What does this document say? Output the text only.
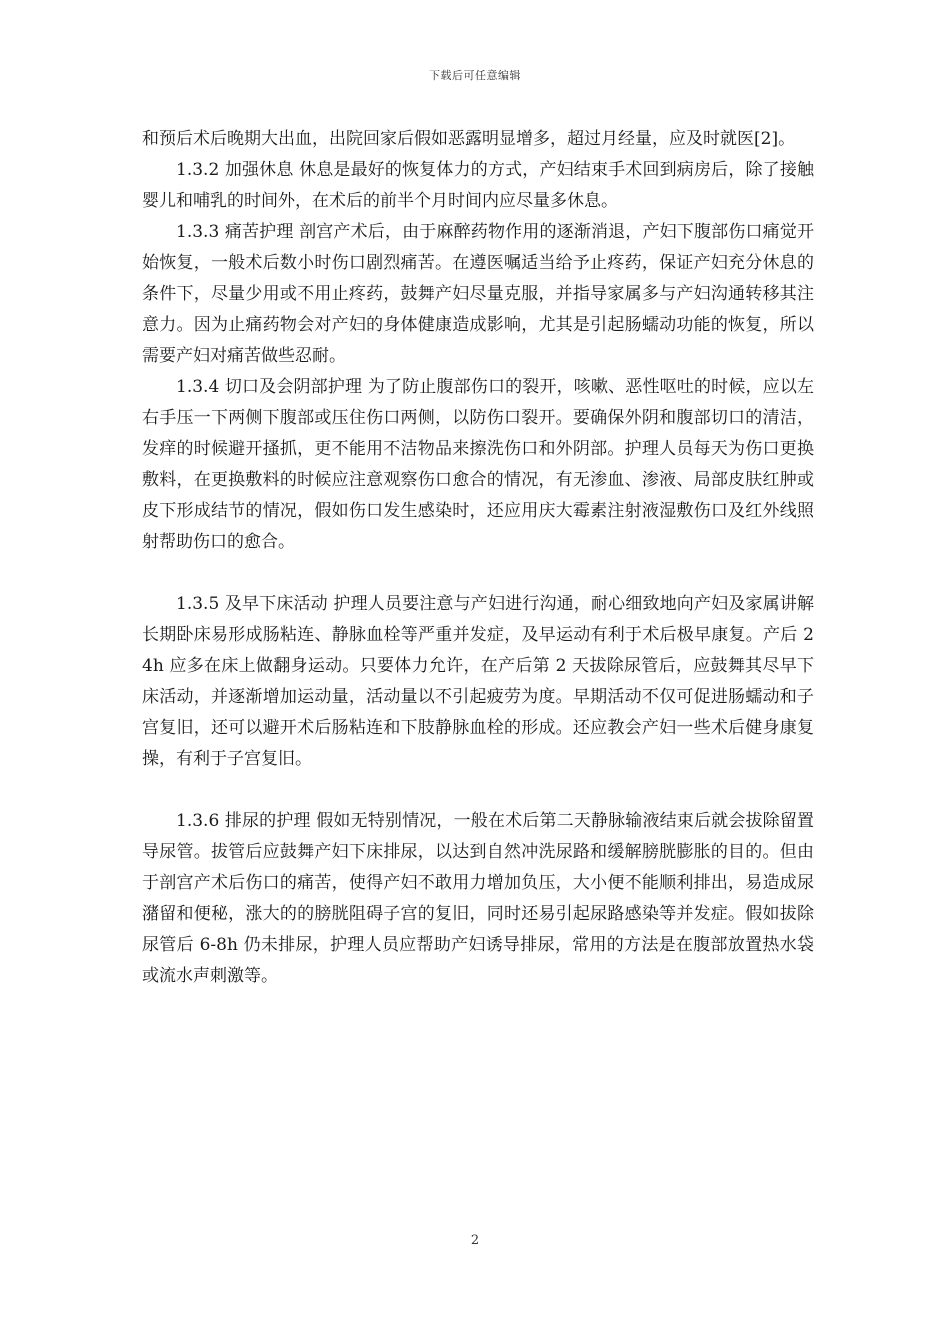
下载后可任意编辑

和预后术后晚期大出血，出院回家后假如恶露明显增多，超过月经量，应及时就医[2]。

1.3.2 加强休息 休息是最好的恢复体力的方式，产妇结束手术回到病房后，除了接触婴儿和哺乳的时间外，在术后的前半个月时间内应尽量多休息。

1.3.3 痛苦护理 剖宫产术后，由于麻醉药物作用的逐渐消退，产妇下腹部伤口痛觉开始恢复，一般术后数小时伤口剧烈痛苦。在遵医嘱适当给予止疼药，保证产妇充分休息的条件下，尽量少用或不用止疼药，鼓舞产妇尽量克服，并指导家属多与产妇沟通转移其注意力。因为止痛药物会对产妇的身体健康造成影响，尤其是引起肠蠕动功能的恢复，所以需要产妇对痛苦做些忍耐。

1.3.4 切口及会阴部护理 为了防止腹部伤口的裂开，咳嗽、恶性呕吐的时候，应以左右手压一下两侧下腹部或压住伤口两侧，以防伤口裂开。要确保外阴和腹部切口的清洁，发痒的时候避开搔抓，更不能用不洁物品来擦洗伤口和外阴部。护理人员每天为伤口更换敷料，在更换敷料的时候应注意观察伤口愈合的情况，有无渗血、渗液、局部皮肤红肿或皮下形成结节的情况，假如伤口发生感染时，还应用庆大霉素注射液湿敷伤口及红外线照射帮助伤口的愈合。

1.3.5 及早下床活动 护理人员要注意与产妇进行沟通，耐心细致地向产妇及家属讲解长期卧床易形成肠粘连、静脉血栓等严重并发症，及早运动有利于术后极早康复。产后 24h 应多在床上做翻身运动。只要体力允许，在产后第 2 天拔除尿管后，应鼓舞其尽早下床活动，并逐渐增加运动量，活动量以不引起疲劳为度。早期活动不仅可促进肠蠕动和子宫复旧，还可以避开术后肠粘连和下肢静脉血栓的形成。还应教会产妇一些术后健身康复操，有利于子宫复旧。

1.3.6 排尿的护理 假如无特别情况，一般在术后第二天静脉输液结束后就会拔除留置导尿管。拔管后应鼓舞产妇下床排尿，以达到自然冲洗尿路和缓解膀胱膨胀的目的。但由于剖宫产术后伤口的痛苦，使得产妇不敢用力增加负压，大小便不能顺利排出，易造成尿潴留和便秘，涨大的的膀胱阻碍子宫的复旧，同时还易引起尿路感染等并发症。假如拔除尿管后 6-8h 仍未排尿，护理人员应帮助产妇诱导排尿，常用的方法是在腹部放置热水袋或流水声刺激等。

2
